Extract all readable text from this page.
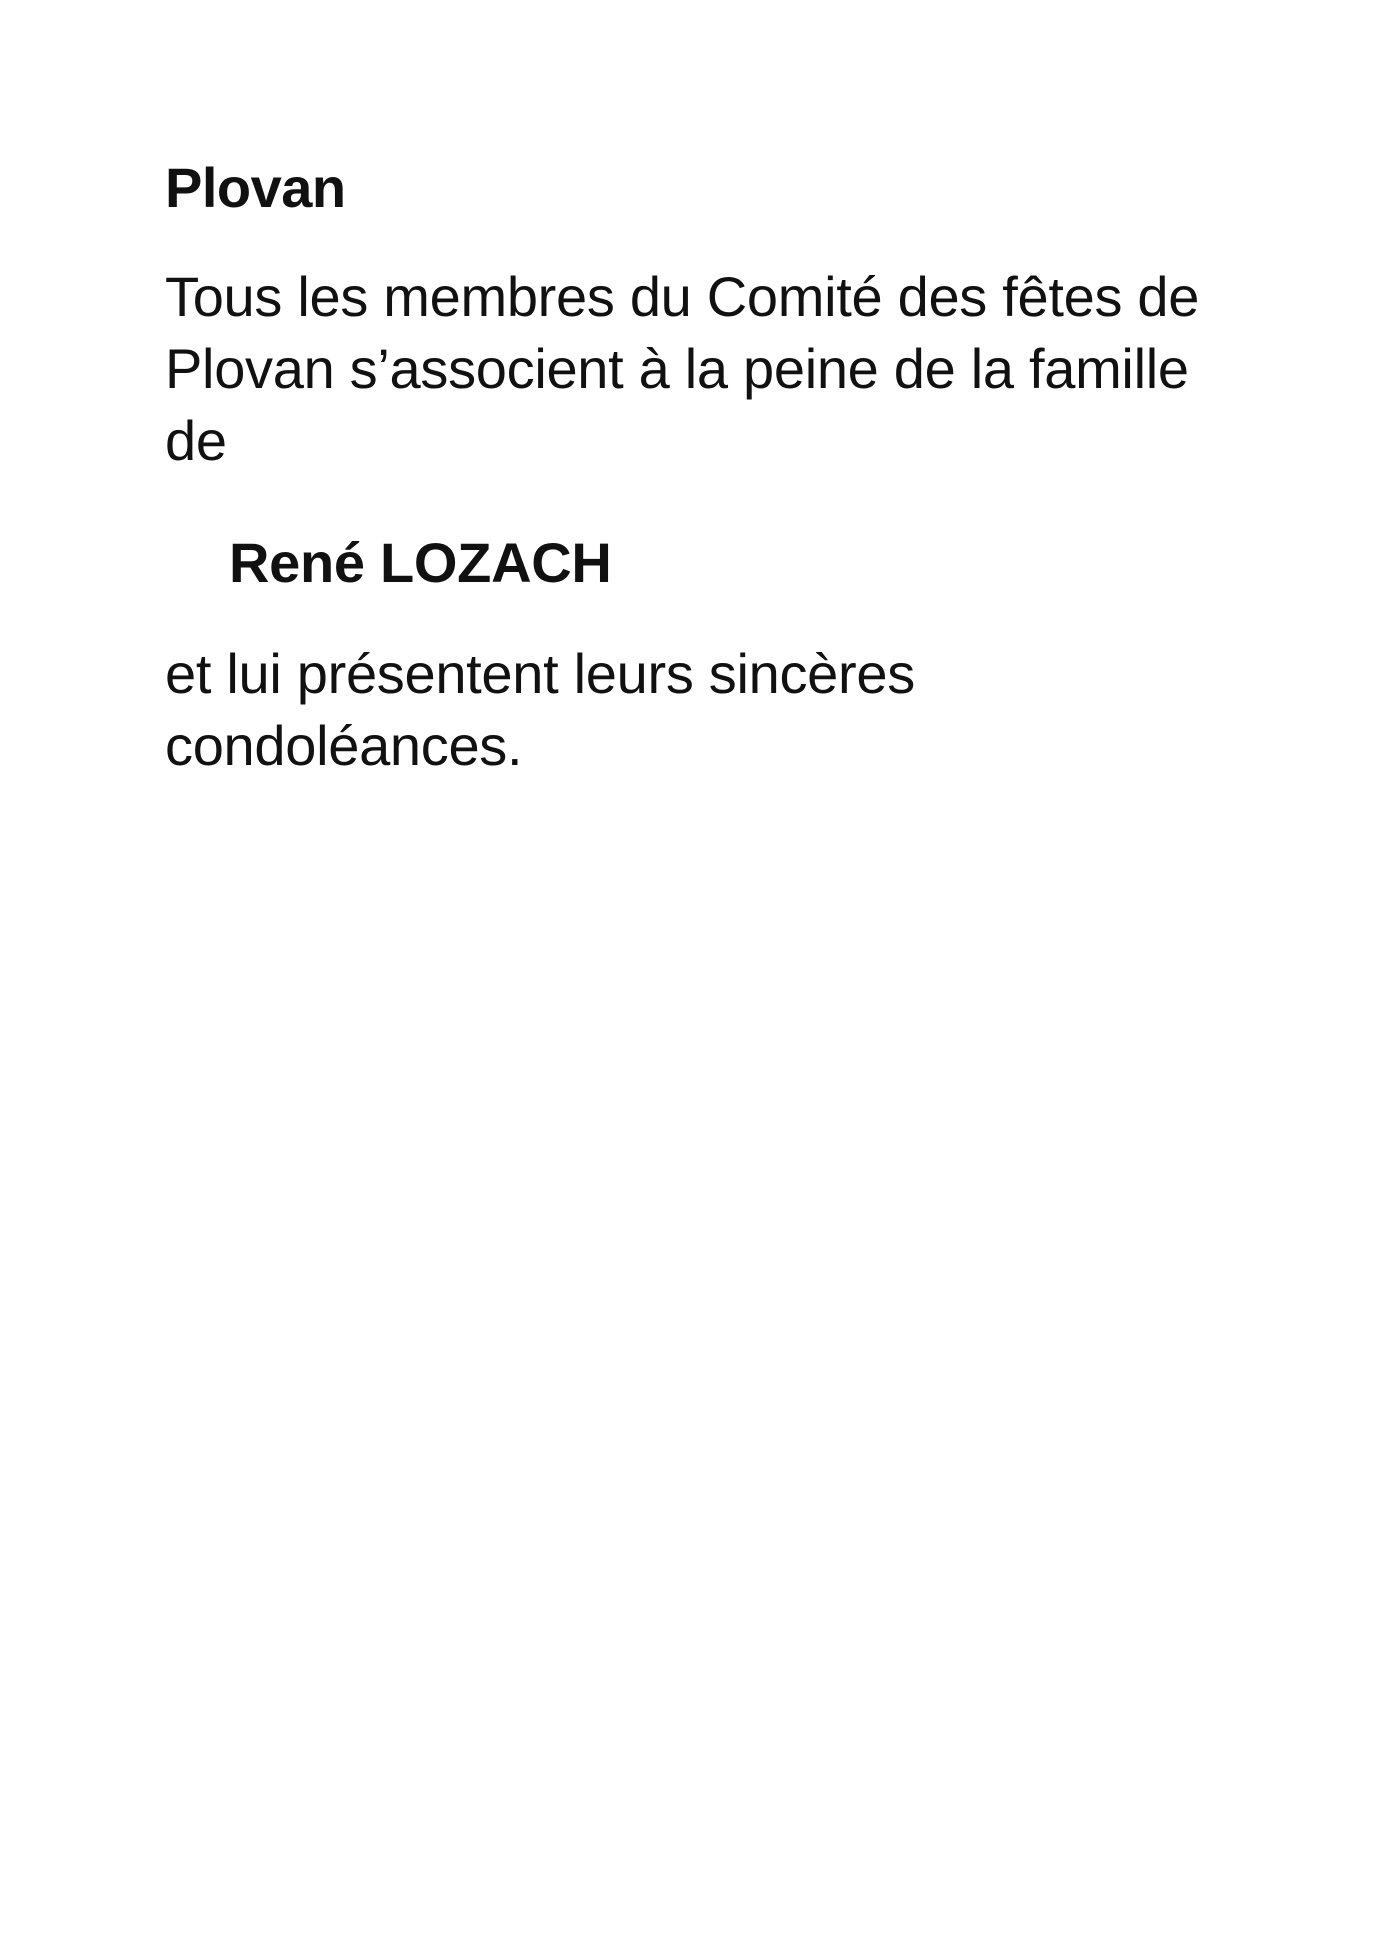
Plovan

Tous les membres du Comité des fêtes de Plovan s’associent à la peine de la famille de

René LOZACH

et lui présentent leurs sincères condoléances.
